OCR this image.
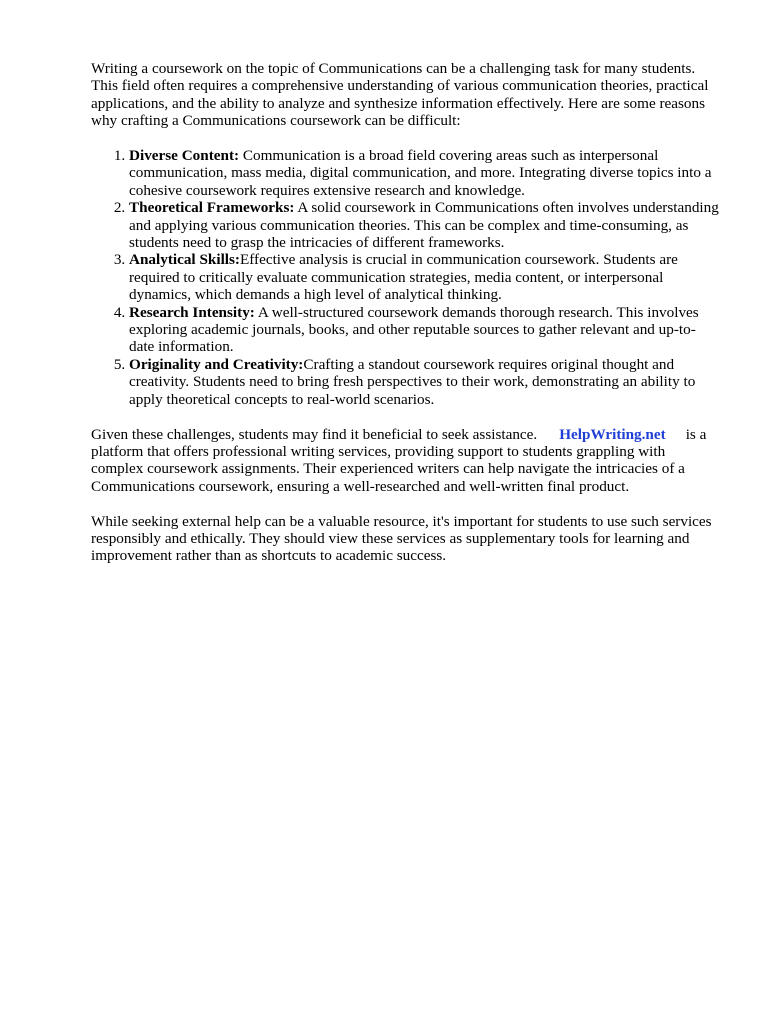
Writing a coursework on the topic of Communications can be a challenging task for many students. This field often requires a comprehensive understanding of various communication theories, practical applications, and the ability to analyze and synthesize information effectively. Here are some reasons why crafting a Communications coursework can be difficult:

1. Diverse Content: Communication is a broad field covering areas such as interpersonal communication, mass media, digital communication, and more. Integrating diverse topics into a cohesive coursework requires extensive research and knowledge.
2. Theoretical Frameworks: A solid coursework in Communications often involves understanding and applying various communication theories. This can be complex and time-consuming, as students need to grasp the intricacies of different frameworks.
3. Analytical Skills:Effective analysis is crucial in communication coursework. Students are required to critically evaluate communication strategies, media content, or interpersonal dynamics, which demands a high level of analytical thinking.
4. Research Intensity: A well-structured coursework demands thorough research. This involves exploring academic journals, books, and other reputable sources to gather relevant and up-to-date information.
5. Originality and Creativity:Crafting a standout coursework requires original thought and creativity. Students need to bring fresh perspectives to their work, demonstrating an ability to apply theoretical concepts to real-world scenarios.

Given these challenges, students may find it beneficial to seek assistance. HelpWriting.net is a platform that offers professional writing services, providing support to students grappling with complex coursework assignments. Their experienced writers can help navigate the intricacies of a Communications coursework, ensuring a well-researched and well-written final product.

While seeking external help can be a valuable resource, it's important for students to use such services responsibly and ethically. They should view these services as supplementary tools for learning and improvement rather than as shortcuts to academic success.
